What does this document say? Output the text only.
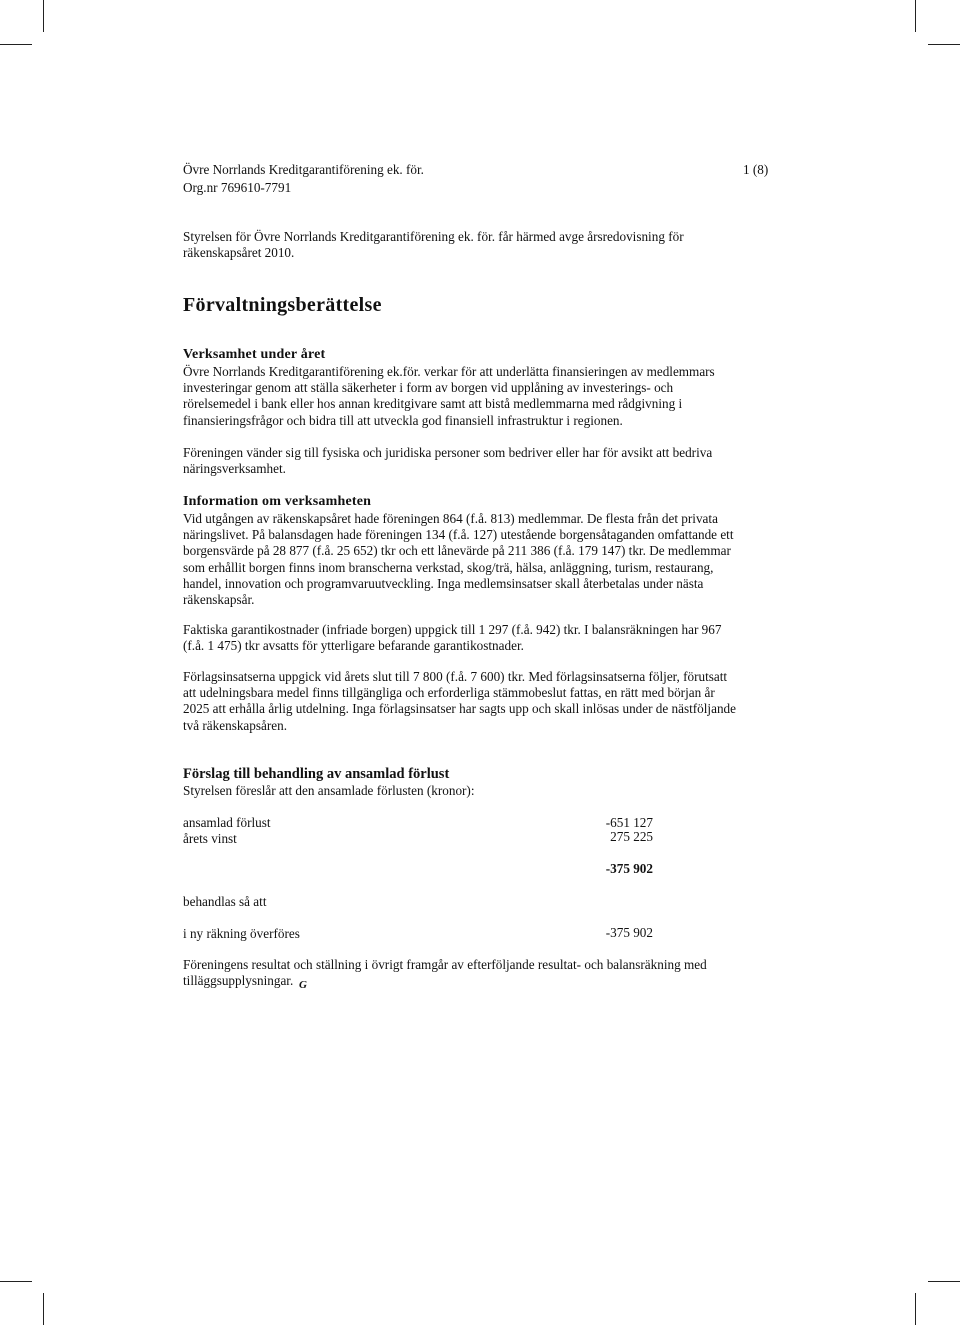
Övre Norrlands Kreditgarantiförening ek. för.
Org.nr 769610-7791
1 (8)
Styrelsen för Övre Norrlands Kreditgarantiförening ek. för. får härmed avge årsredovisning för
räkenskapsåret 2010.
Förvaltningsberättelse
Verksamhet under året
Övre Norrlands Kreditgarantiförening ek.för. verkar för att underlätta finansieringen av medlemmars
investeringar genom att ställa säkerheter i form av borgen vid upplåning av investerings- och
rörelsemedel i bank eller hos annan kreditgivare samt att bistå medlemmarna med rådgivning i
finansieringsfrågor och bidra till att utveckla god finansiell infrastruktur i regionen.
Föreningen vänder sig till fysiska och juridiska personer som bedriver eller har för avsikt att bedriva
näringsverksamhet.
Information om verksamheten
Vid utgången av räkenskapsåret hade föreningen 864 (f.å. 813) medlemmar. De flesta från det privata
näringslivet. På balansdagen hade föreningen 134 (f.å. 127) utestående borgensåtaganden omfattande ett
borgensvärde på 28 877 (f.å. 25 652) tkr och ett lånevärde på 211 386 (f.å. 179 147) tkr. De medlemmar
som erhållit borgen finns inom branscherna verkstad, skog/trä, hälsa, anläggning, turism, restaurang,
handel, innovation och programvaruutveckling. Inga medlemsinsatser skall återbetalas under nästa
räkenskapsår.
Faktiska garantikostnader (infriade borgen) uppgick till 1 297 (f.å. 942) tkr. I balansräkningen har 967
(f.å. 1 475) tkr avsatts för ytterligare befarande garantikostnader.
Förlagsinsatserna uppgick vid årets slut till 7 800 (f.å. 7 600) tkr. Med förlagsinsatserna följer, förutsatt
att udelningsbara medel finns tillgängliga och erforderliga stämmobeslut fattas, en rätt med början år
2025 att erhålla årlig utdelning. Inga förlagsinsatser har sagts upp och skall inlösas under de nästföljande
två räkenskapsåren.
Förslag till behandling av ansamlad förlust
Styrelsen föreslår att den ansamlade förlusten (kronor):
ansamlad förlust	-651 127
årets vinst	275 225
-375 902
behandlas så att
i ny räkning överföres	-375 902
Föreningens resultat och ställning i övrigt framgår av efterföljande resultat- och balansräkning med
tilläggsupplysningar. G
